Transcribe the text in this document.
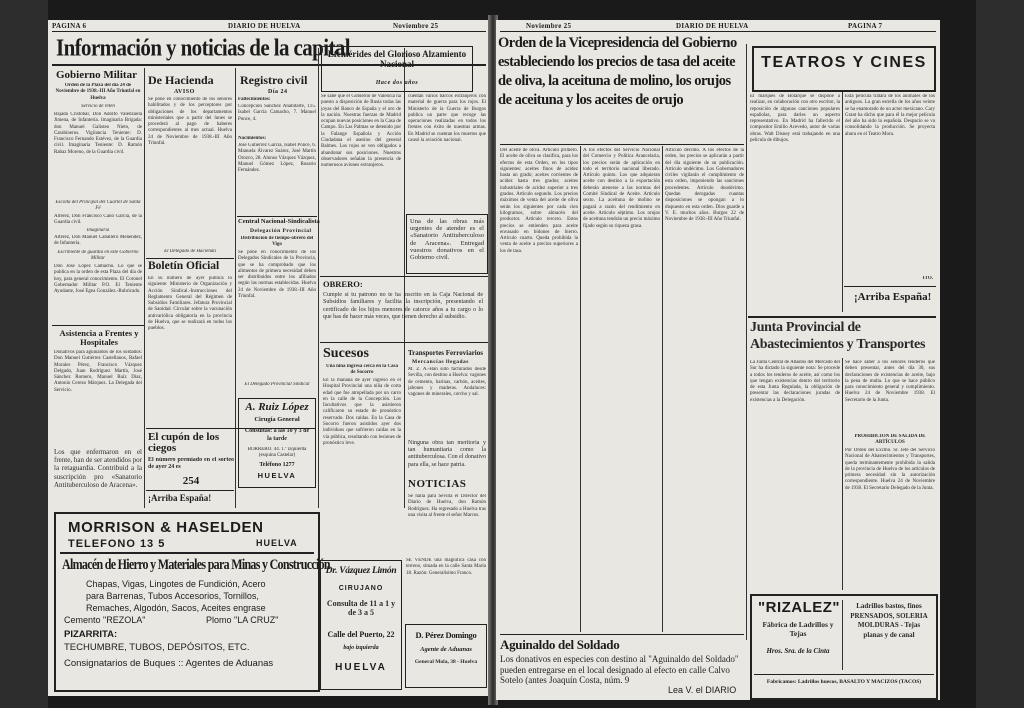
PAGINA 6	DIARIO DE HUELVA	Noviembre 25
Información y noticias de la capital
Gobierno Militar
Orden de la Plaza del día 24 de Noviembre de 1938.-III Año Triunfal en Huelva
Servicio de retén
Bajada Cristóbal, Don Adolfo Valenzuela Jimena, de Infantería. Imaginaria Brigada: don Manuel Galisteo Nieto, de Carabineros. Vigilancia Teniente: D. Francisco Fernando Estévez, de la Guardia civil. Imaginaria Teniente: D. Ramón Rabaz Moreno, de la Guardia civil.
Escolta del Principal del Cuartel de Santa Fé
Alférez, Don Francisco Cano García, de la Guardia civil.
Imaginaria
Alférez, Don Manuel Caballero Menéndez, de Infantería.
Escribiente de guardia en este Gobierno Militar
Don José López Camacho. Lo que se publica en la orden de esta Plaza del día de hoy, para general conocimiento. El Coronel Gobernador Militar P.O. El Teniente Ayudante, José Egea González.-Rubricado.
Asistencia a Frentes y Hospitales
Donativos para aguinaldos de los soldados: Don Manuel Gutiérrez Castellanos, Rafael Morales Pérez, Francisco Vázquez Delgado, Juan Rodríguez Martín, José Sánchez Romero, Manuel Ruíz Díaz, Antonio Cerezo Márquez. La Delegada del Servicio.
Los que enfermaron en el frente, han de ser atendidos por la retaguardia. Contribuid a la suscripción pro «Sanatorio Antituberculoso de Aracena».
De Hacienda
AVISO
Se pone en conocimiento de los señores habilitados y de los perceptores por obligaciones de los departamentos ministeriales que a partir del lunes se procederá al pago de haberes correspondientes al mes actual. Huelva 24 de Noviembre de 1938.-III Año Triunfal.
El Delegado de Hacienda
Boletín Oficial
En su número de ayer publica lo siguiente: Ministerio de Organización y Acción Sindical.-Instrucciones del Reglamento General del Régimen de Subsidios Familiares. Jefatura Provincial de Sanidad. Circular sobre la vacunación antivariólica obligatoria en la provincia de Huelva, que se realizará en todos los pueblos.
Registro civil
Día 24
Fallecimientos:
Concepción Sanchez Anabitarte, 115. Isabel García Camacho, 7. Manuel Ponce, 4.
Nacimientos:
José Gutiérrez García, Isabel Ponce, 6. Manuela Álvarez Suárez, José Martín Orozco, 28. Alonso Vázquez Vázquez, Manuel Gómez López, Rosario Fernández.
Central Nacional-Sindicalista
Delegación Provincial
Distribución de tiempo-obrero del Vigo
Se pone en conocimiento de los Delegados Sindicales de la Provincia, que se ha comprobado que los alimentos de primera necesidad deben ser distribuidos entre los afiliados según las normas establecidas. Huelva 24 de Noviembre de 1938.-III Año Triunfal.
El Delegado Provincial Sindical
A. Ruiz López
Cirugía General
Consultas: a las 10 y 3 de la tarde
BORRERO. 44. 1.º izquierda (esquina Castelar)
Teléfono 1277
HUELVA
El cupón de los ciegos
El número premiado en el sorteo de ayer 24 es
254
¡Arriba España!
Efemérides del Glorioso Alzamiento Nacional
Hace dos años
Se sabe que el Gobierno de Valencia ha puesto a disposición de Rusia todas las joyas del Banco de España y el oro de la nación. Nuestras fuerzas de Madrid ocupan nuevas posiciones en la Casa de Campo. En Las Palmas se detenido por la Falange Española y Acción Ciudadana el asesino del general Balmes. Los rojos se ven obligados a abandonar sus posiciones. Nuestros observadores señalan la presencia de numerosos aviones extranjeros.
cuentan varios barcos extranjeros con material de guerra para los rojos. El Ministerio de la Guerra de Burgos publica un parte que recoge las operaciones realizadas en todos los frentes con éxito de nuestras armas. En Madrid se cuentan los muertos que causó la aviación nacional.
Una de las obras más urgentes de atender es el «Sanatorio Antituberculoso de Aracena». Entregad vuestros donativos en el Gobierno civil.
OBRERO:
Cumple si tu patrono no te ha inscrito en la Caja Nacional de Subsidios familiares y facilita la inscripción, presentando el certificado de los hijos menores de catorce años a tu cargo o lo que has de hacer más veces, que tienen derecho al subsidio.
Sucesos
Una niña ingresa cerca en la Casa de Socorro
En la mañana de ayer ingresó en el Hospital Provincial una niña de corta edad que fue atropellada por un carro en la calle de la Concepción. Los facultativos que la asistieron calificaron su estado de pronóstico reservado. Dos caídas. En la Casa de Socorro fueron asistidos ayer dos individuos que sufrieron caídas en la vía pública, resultando con lesiones de pronóstico leve.
Transportes Ferroviarios
Mercancías llegadas
M. Z. A.-Han sido facturados desde Sevilla, con destino a Huelva: vagones de cemento, harinas, carbón, aceites, jabones y maderas. Andaluces: vagones de minerales, corcho y sal.
Ninguna obra tan meritoria y tan humanitaria como la antituberculosa. Con el donativo para ella, se hace patria.
NOTICIAS
Se halla para Sevilla el Director del Diario de Huelva, don Ramón Rodríguez. Ha regresado a Huelva tras una visita al frente el señor Marcos.
MORRISON & HASELDEN
TELEFONO 13 5	HUELVA
Almacén de Hierro y Materiales para Minas y Construcción
Chapas, Vigas, Lingotes de Fundición, Acero
para Barrenas, Tubos Accesorios, Tornillos,
Remaches, Algodón, Sacos, Aceites engrase
Cemento "REZOLA"	Plomo "LA CRUZ"
PIZARRITA:
TECHUMBRE, TUBOS, DEPÓSITOS, ETC.
Consignatarios de Buques :: Agentes de Aduanas
Dr. Vázquez Limón
CIRUJANO
Consulta de 11 a 1 y de 3 a 5
Calle del Puerto, 22
bajo izquierda
HUELVA
SE VENDE una magnífica casa con terreno, situada en la calle Santa María 18. Razón: Generalísimo Franco.
D. Pérez Domingo
Agente de Aduanas
General Mola, 38 - Huelva
Noviembre 25	DIARIO DE HUELVA	PAGINA 7
Orden de la Vicepresidencia del Gobierno estableciendo los precios de tasa del aceite de oliva, la aceituna de molino, los orujos de aceituna y los aceites de orujo
Del aceite de oliva. Artículo primero. El aceite de oliva se clasifica, para los efectos de esta Orden, en los tipos siguientes: aceites finos de acidez hasta un grado; aceites corrientes de acidez hasta tres grados; aceites industriales de acidez superior a tres grados. Artículo segundo. Los precios máximos de venta del aceite de oliva serán los siguientes por cada cien kilogramos, sobre almacén del productor. Artículo tercero. Estos precios se entienden para aceite envasado en bidones de hierro. Artículo cuarto. Queda prohibida la venta de aceite a precios superiores a los de tasa.
A los efectos del Servicio Nacional del Comercio y Política Arancelaria, los precios serán de aplicación en todo el territorio nacional liberado. Artículo quinto. Los que adquieran aceite con destino a la exportación deberán atenerse a las normas del Comité Sindical de Aceite. Artículo sexto. La aceituna de molino se pagará a razón del rendimiento en aceite. Artículo séptimo. Los orujos de aceituna tendrán un precio máximo fijado según su riqueza grasa.
Artículo décimo. A los efectos de la orden, los precios se aplicarán a partir del día siguiente de su publicación. Artículo undécimo. Los Gobernadores civiles vigilarán el cumplimiento de esta orden, imponiendo las sanciones procedentes. Artículo duodécimo. Quedan derogadas cuantas disposiciones se opongan a lo dispuesto en esta orden. Dios guarde a V. E. muchos años. Burgos 22 de Noviembre de 1938.-III Año Triunfal.
TEATROS Y CINES
El marqués de Bolarque se dispone a realizar, en colaboración con otro escritor, la reposición de algunas canciones populares españolas, para darles un aspecto representativo. En Madrid ha fallecido el compositor Emilio Acevedo, autor de varias obras. Walt Disney está trabajando en una película de dibujos.
Esta película tratará de los animales de los antiguos. La gran estrella de los años veinte se ha enamorado de un actor mexicano. Cary Grant ha dicho que para él la mejor película del año ha sido la española. Despacio se va consolidando la producción. Se proyecta ahora en el Teatro Mora.
ITO.
¡Arriba España!
Junta Provincial de Abastecimientos y Transportes
La Junta Central de Abastos del Mercado del Sur ha dictado la siguiente nota: Se procede a todos los tenderos de aceite, así como los que tengan existencias dentro del territorio de esta Junta Regulada, la obligación de presentar las declaraciones juradas de existencias a la Delegación.
Se hace saber a los señores tenderos que deben presentar, antes del día 30, sus declaraciones de existencias de aceite, bajo la pena de multa. Lo que se hace público para conocimiento general y cumplimiento. Huelva 24 de Noviembre 1938. El Secretario de la Junta.
PROHIBICIÓN DE SALIDA DE ARTÍCULOS
Por Orden del Excmo. Sr. Jefe del Servicio Nacional de Abastecimientos y Transportes, queda terminantemente prohibida la salida de la provincia de Huelva de los artículos de primera necesidad sin la autorización correspondiente. Huelva 24 de Noviembre de 1938. El Secretario Delegado de la Junta.
Aguinaldo del Soldado
Los donativos en especies con destino al "Aguinaldo del Soldado" pueden entregarse en el local designado al efecto en calle Calvo Sotelo (antes Joaquín Costa, núm. 9
Lea V. el DIARIO
"RIZALEZ"
Fábrica de Ladrillos y Tejas
Hros. Sra. de la Cinta
Ladrillos bastos, finos PRENSADOS, SOLERIA MOLDURAS - Tejas planas y de canal
Fabricamos: Ladrillos huecos, BASALTO Y MACIZOS (TACOS)
